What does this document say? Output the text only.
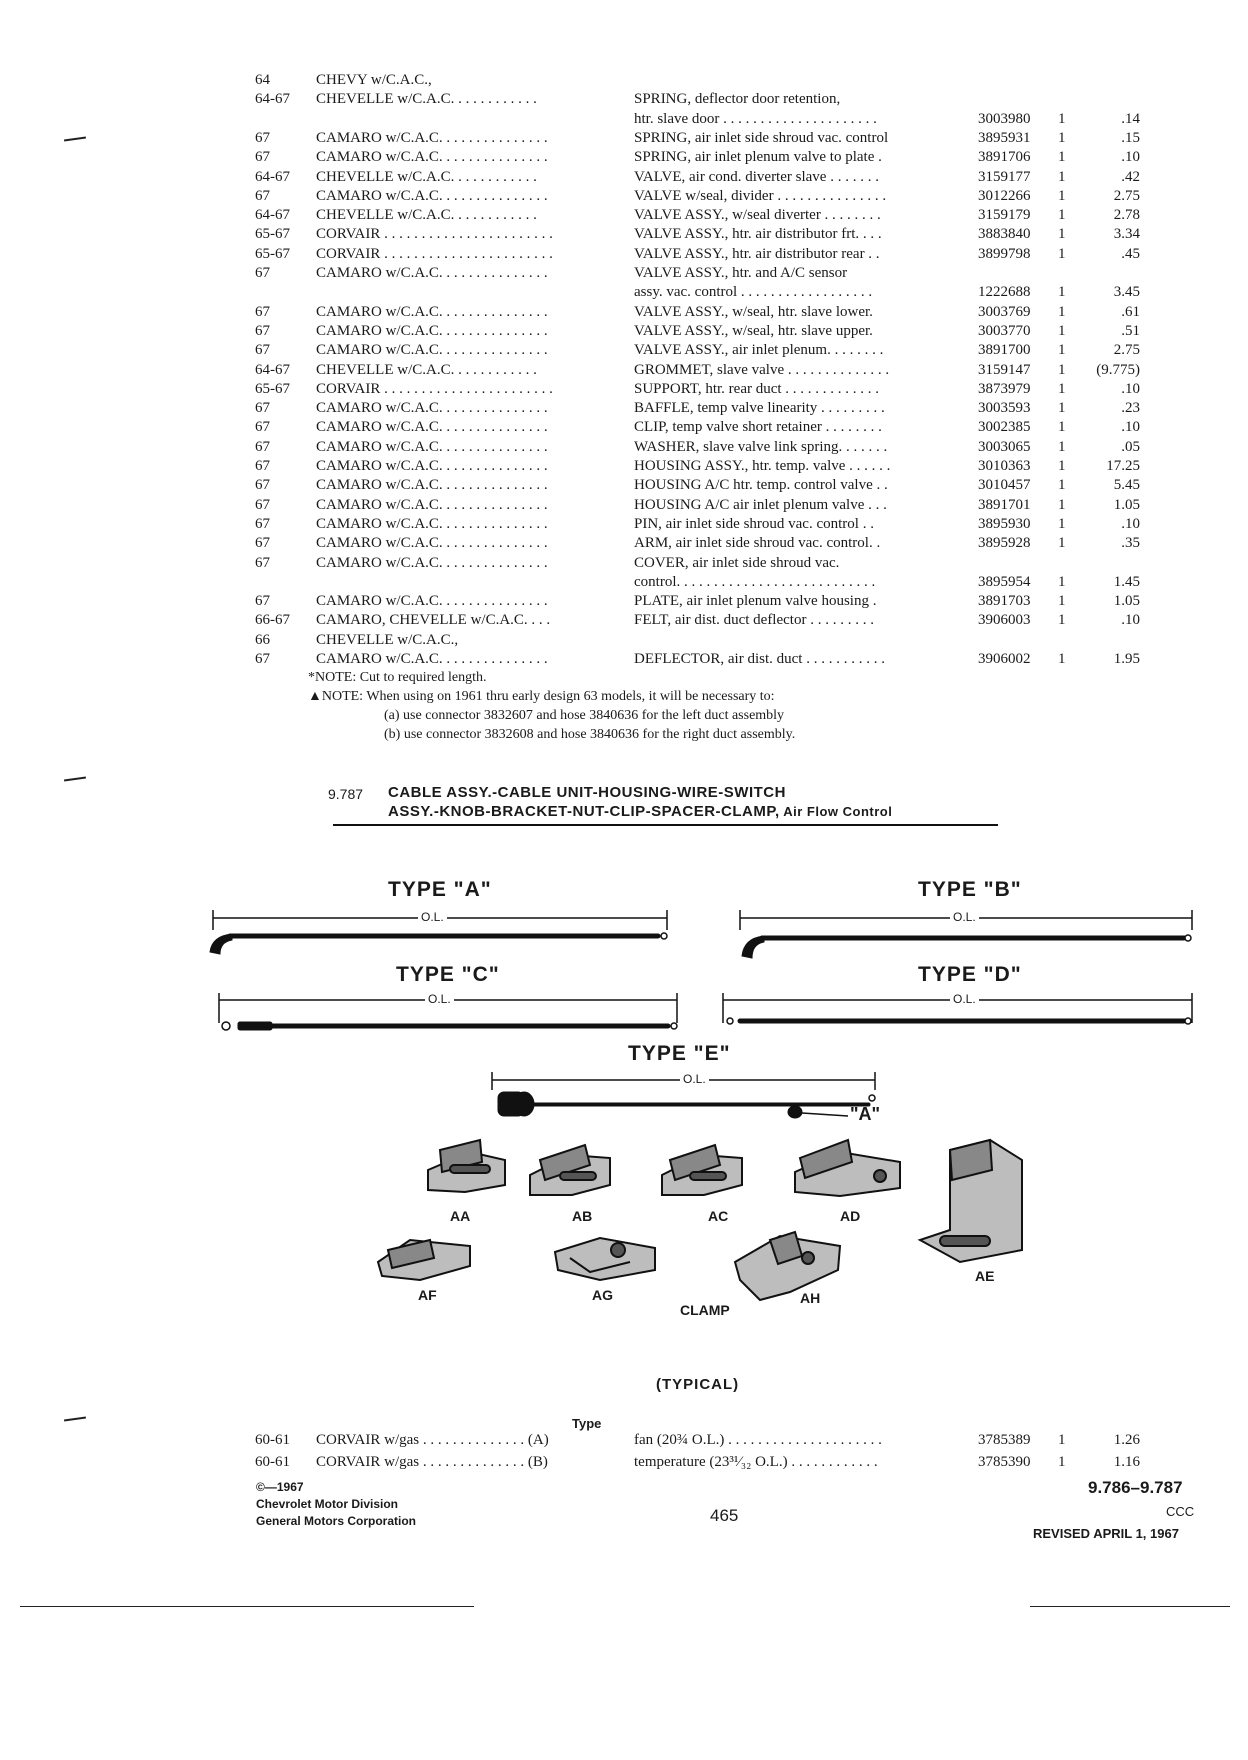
64	CHEVY w/C.A.C.,
64-67 CHEVELLE w/C.A.C. . . . . . . . . . . .	SPRING, deflector door retention,
htr. slave door . . . . . . . . . . . . . . . . . . . . .	3003980 1	.14
67	CAMARO w/C.A.C. . . . . . . . . . . . . . .	SPRING, air inlet side shroud vac. control	3895931 1	.15
67	CAMARO w/C.A.C. . . . . . . . . . . . . . .	SPRING, air inlet plenum valve to plate .	3891706 1	.10
64-67 CHEVELLE w/C.A.C. . . . . . . . . . . .	VALVE, air cond. diverter slave . . . . . . .	3159177 1	.42
67	CAMARO w/C.A.C. . . . . . . . . . . . . . .	VALVE w/seal, divider . . . . . . . . . . . . . . .	3012266 1	2.75
64-67 CHEVELLE w/C.A.C. . . . . . . . . . . .	VALVE ASSY., w/seal diverter . . . . . . . .	3159179 1	2.78
65-67 CORVAIR . . . . . . . . . . . . . . . . . . . . . . .	VALVE ASSY., htr. air distributor frt. . . .	3883840 1	3.34
65-67 CORVAIR . . . . . . . . . . . . . . . . . . . . . . .	VALVE ASSY., htr. air distributor rear . .	3899798 1	.45
67	CAMARO w/C.A.C. . . . . . . . . . . . . . .	VALVE ASSY., htr. and A/C sensor
assy. vac. control . . . . . . . . . . . . . . . . . .	1222688 1	3.45
67	CAMARO w/C.A.C. . . . . . . . . . . . . . .	VALVE ASSY., w/seal, htr. slave lower.	3003769 1	.61
67	CAMARO w/C.A.C. . . . . . . . . . . . . . .	VALVE ASSY., w/seal, htr. slave upper.	3003770 1	.51
67	CAMARO w/C.A.C. . . . . . . . . . . . . . .	VALVE ASSY., air inlet plenum. . . . . . . .	3891700 1	2.75
64-67 CHEVELLE w/C.A.C. . . . . . . . . . . .	GROMMET, slave valve . . . . . . . . . . . . . .	3159147 1	(9.775)
65-67 CORVAIR . . . . . . . . . . . . . . . . . . . . . . .	SUPPORT, htr. rear duct . . . . . . . . . . . . .	3873979 1	.10
67	CAMARO w/C.A.C. . . . . . . . . . . . . . .	BAFFLE, temp valve linearity . . . . . . . . .	3003593 1	.23
67	CAMARO w/C.A.C. . . . . . . . . . . . . . .	CLIP, temp valve short retainer . . . . . . . .	3002385 1	.10
67	CAMARO w/C.A.C. . . . . . . . . . . . . . .	WASHER, slave valve link spring. . . . . . .	3003065 1	.05
67	CAMARO w/C.A.C. . . . . . . . . . . . . . .	HOUSING ASSY., htr. temp. valve . . . . . .	3010363 1	17.25
67	CAMARO w/C.A.C. . . . . . . . . . . . . . .	HOUSING A/C htr. temp. control valve . .	3010457 1	5.45
67	CAMARO w/C.A.C. . . . . . . . . . . . . . .	HOUSING A/C air inlet plenum valve . . .	3891701 1	1.05
67	CAMARO w/C.A.C. . . . . . . . . . . . . . .	PIN, air inlet side shroud vac. control . .	3895930 1	.10
67	CAMARO w/C.A.C. . . . . . . . . . . . . . .	ARM, air inlet side shroud vac. control. .	3895928 1	.35
67	CAMARO w/C.A.C. . . . . . . . . . . . . . .	COVER, air inlet side shroud vac.
control. . . . . . . . . . . . . . . . . . . . . . . . . . .	3895954 1	1.45
67	CAMARO w/C.A.C. . . . . . . . . . . . . . .	PLATE, air inlet plenum valve housing .	3891703 1	1.05
66-67 CAMARO, CHEVELLE w/C.A.C. . . .	FELT, air dist. duct deflector . . . . . . . . .	3906003 1	.10
66	CHEVELLE w/C.A.C.,
67	CAMARO w/C.A.C. . . . . . . . . . . . . . .	DEFLECTOR, air dist. duct . . . . . . . . . . .	3906002 1	1.95
*NOTE: Cut to required length.
▲NOTE: When using on 1961 thru early design 63 models, it will be necessary to:
(a) use connector 3832607 and hose 3840636 for the left duct assembly
(b) use connector 3832608 and hose 3840636 for the right duct assembly.
9.787 CABLE ASSY.-CABLE UNIT-HOUSING-WIRE-SWITCH
ASSY.-KNOB-BRACKET-NUT-CLIP-SPACER-CLAMP, Air Flow Control
TYPE "A"	TYPE "B"
TYPE "C"	TYPE "D"
TYPE "E"
O.L.	O.L.
O.L.	O.L.
O.L.
"A"
AA	AB	AC	AD
AE
AF	AG
CLAMP
AH
(TYPICAL)
Type
60-61 CORVAIR w/gas . . . . . . . . . . . . . . (A)	fan (20¾ O.L.) . . . . . . . . . . . . . . . . . . . . .	3785389 1	1.26
60-61 CORVAIR w/gas . . . . . . . . . . . . . . (B)	temperature (23³¹⁄₃₂ O.L.) . . . . . . . . . . . .	3785390 1	1.16
©—1967
Chevrolet Motor Division
General Motors Corporation	465
9.786–9.787
CCC
REVISED APRIL 1, 1967
